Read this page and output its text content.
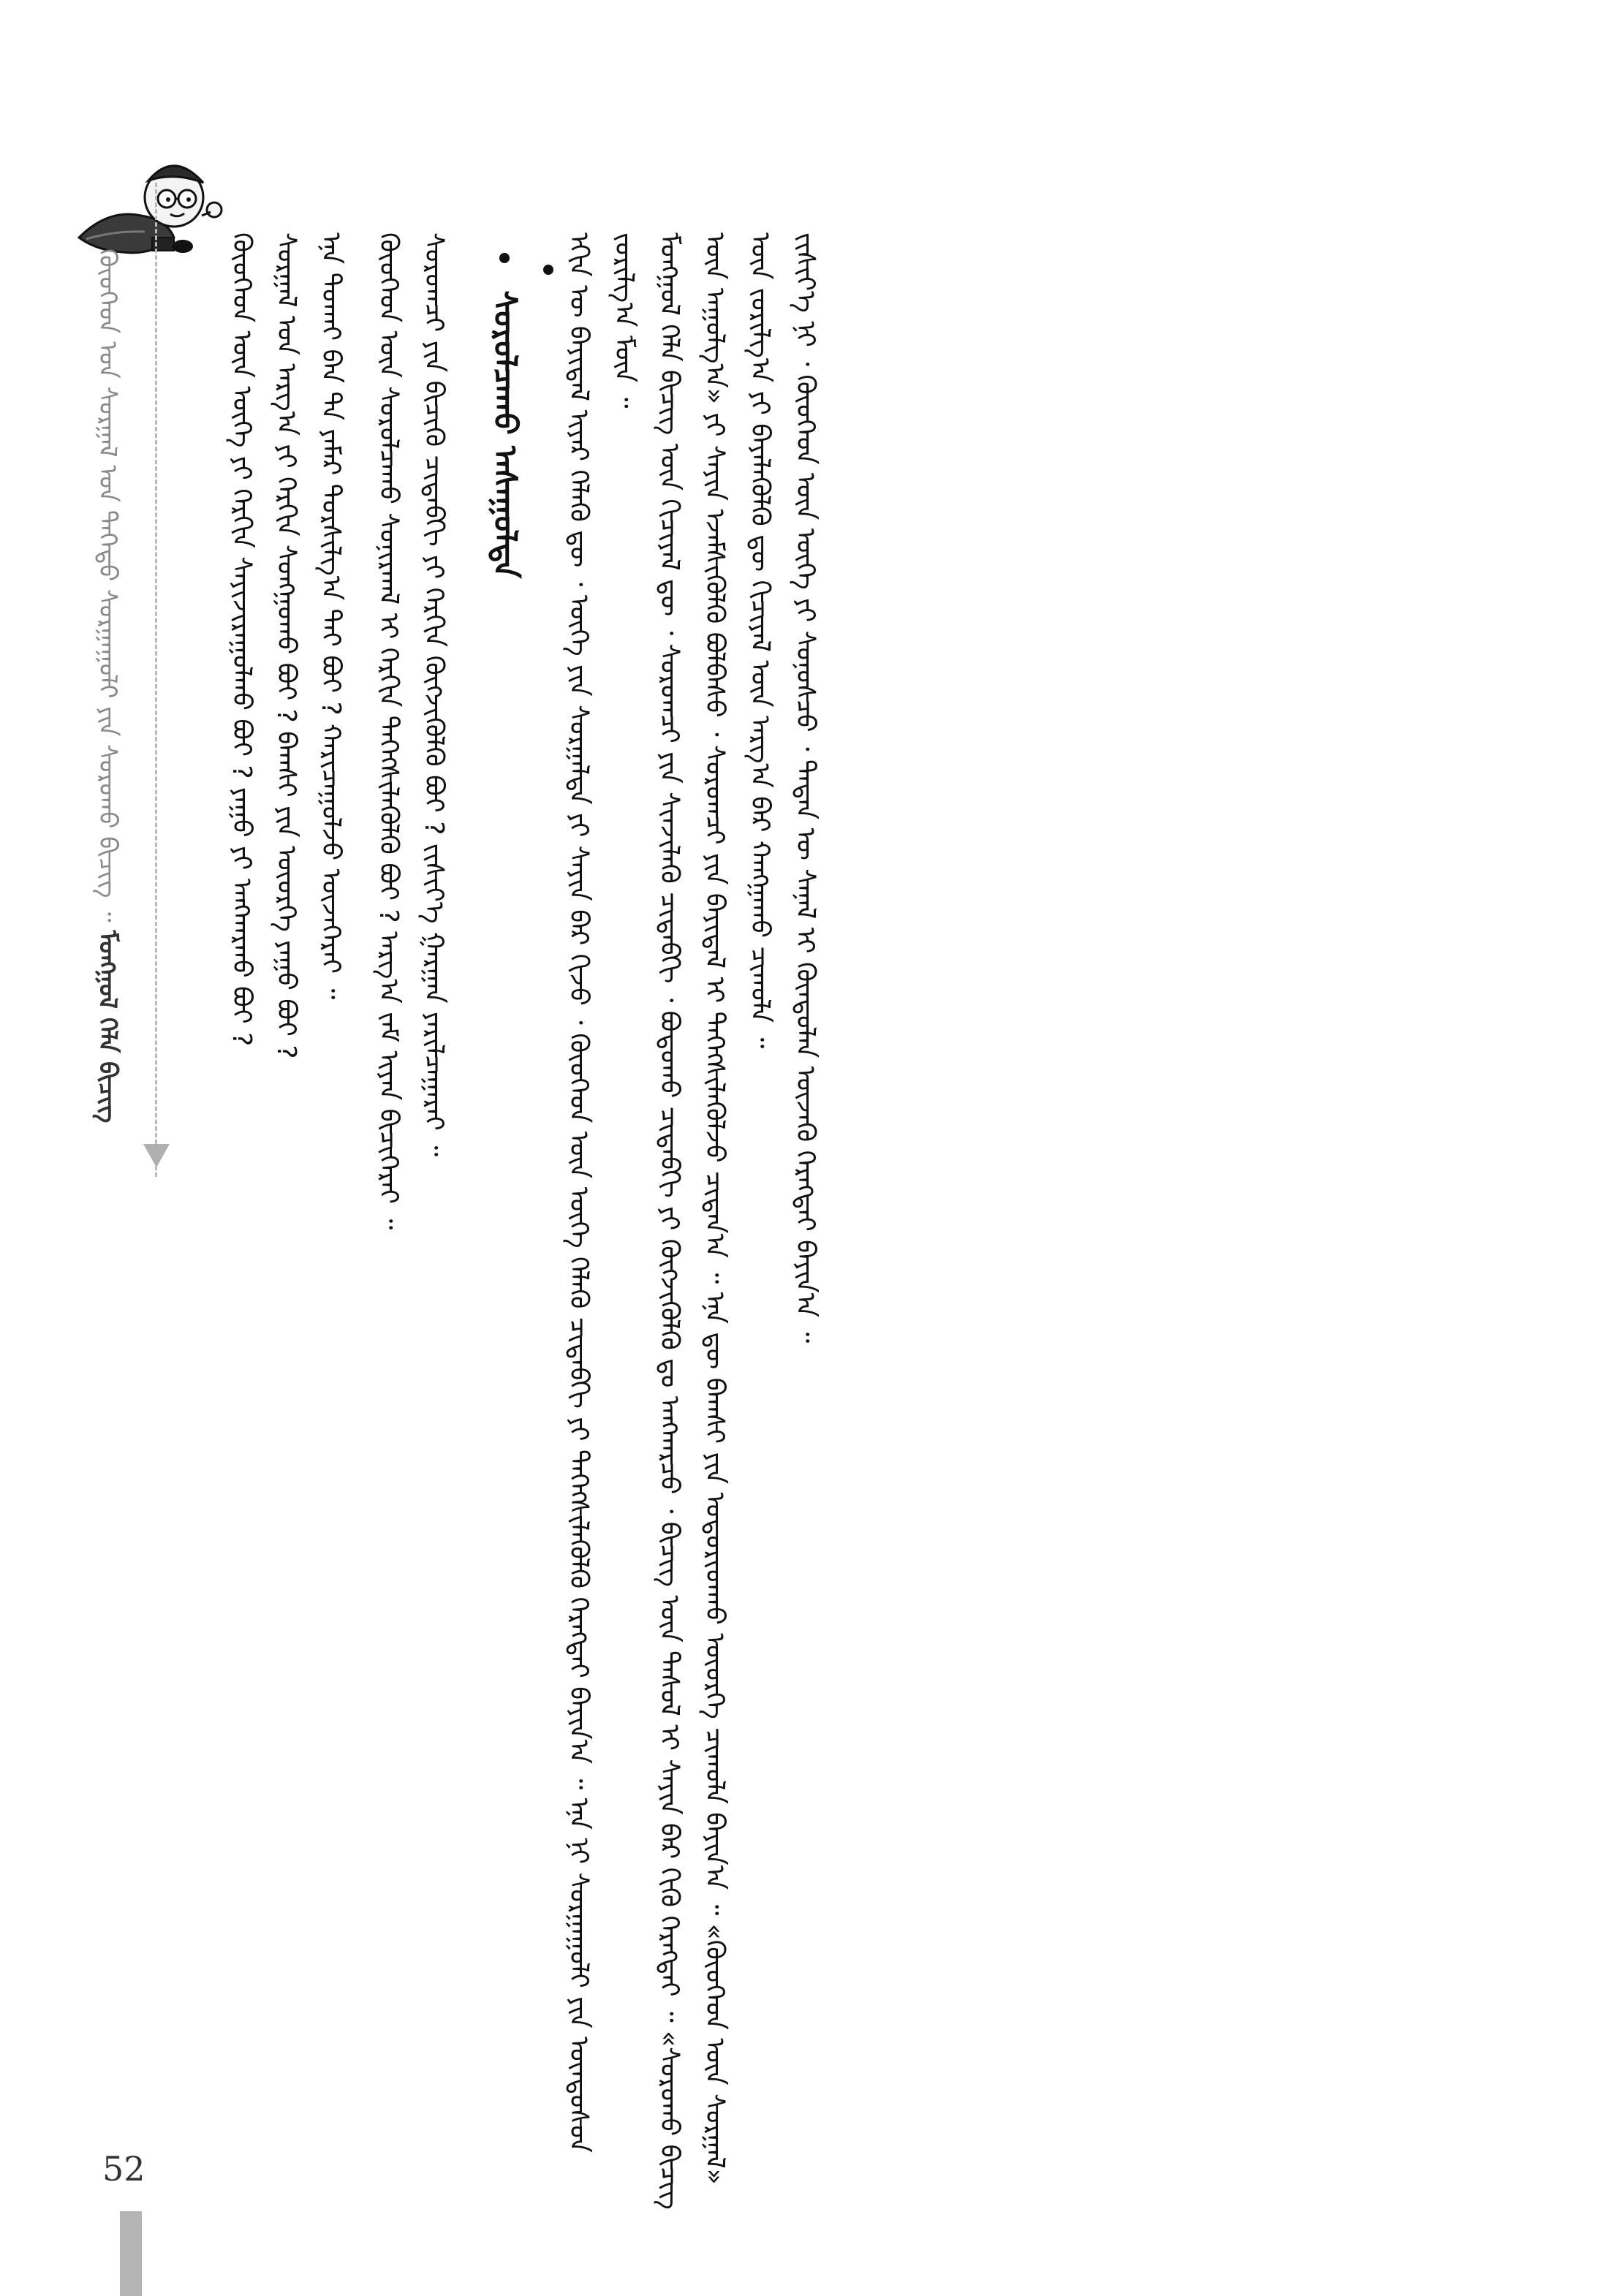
ᠬᠦᠦᠬᠡᠳ ᠤᠨ ᠰᠤᠷᠭᠠᠯ ᠤᠨ ᠳᠡᠭᠡᠳᠦ ᠰᠤᠷᠭᠠᠭᠤᠯᠢ ᠶᠢᠨ ᠰᠤᠷᠤᠬᠤ ᠪᠢᠴᠢᠭ ᠃ ᠮᠣᠩᠭᠣᠯ ᠬᠡᠯᠡ ᠪᠢᠴᠢᠭ	ᠬᠦᠦᠬᠡᠳ ᠦᠨ ᠦᠭᠡ ᠶᠢ ᠬᠡᠷᠬᠢᠨ ᠰᠠᠶᠢᠵᠢᠷᠠᠭᠤᠯᠬᠤ ᠪᠤᠢ ? ᠶᠠᠭᠤ ᠶᠢ ᠠᠩᠬᠠᠷᠬᠤ ᠪᠤᠢ ? ᠰᠤᠷᠭᠠᠯ ᠤᠨ ᠠᠷᠭ᠎ᠠ ᠶᠢ ᠬᠡᠷᠬᠢᠨ ᠰᠣᠩᠭᠣᠬᠤ ᠪᠤᠢ ? ᠪᠠᠭᠰᠢ ᠶᠢᠨ ᠦᠦᠷᠭᠡ ᠶᠠᠭᠤ ᠪᠤᠢ ? ᠡᠨᠡ ᠲᠤᠬᠠᠢ ᠪᠡᠨ ᠲᠠ ᠶᠠᠮᠠᠷ ᠲᠤᠷᠰᠢᠯᠭ᠎ᠠ ᠲᠠᠢ ᠪᠤᠢ ? ᠬᠠᠷᠢᠴᠠᠭᠤᠯᠵᠤ ᠦᠵᠡᠭᠡᠷᠡᠢ ᠃	ᠬᠦᠦᠬᠡᠳ ᠦᠨ ᠰᠤᠷᠤᠯᠴᠠᠬᠤ ᠰᠣᠨᠢᠷᠬᠠᠯ ᠢ ᠬᠡᠷᠬᠢᠨ ᠳᠡᠭᠡᠭᠰᠢᠯᠡᠭᠦᠯᠬᠦ ᠪᠤᠢ ? ᠠᠷᠭ᠎ᠠ ᠵᠠᠮ ᠢᠶᠠᠨ ᠪᠢᠴᠢᠭᠡᠷᠡᠢ ᠃ ᠰᠤᠷᠤᠭᠴᠢ ᠶᠢᠨ ᠪᠢᠴᠢᠬᠦ ᠴᠢᠳᠠᠪᠬᠢ ᠶᠢ ᠬᠡᠷᠬᠢᠨ ᠬᠥᠭᠵᠢᠭᠦᠯᠬᠦ ᠪᠤᠢ ? ᠵᠢᠱᠢᠶ᠎ᠡ ᠭᠠᠷᠭᠠᠨ ᠶᠠᠷᠢᠯᠴᠠᠭᠠᠷᠠᠢ ᠃ ᠰᠤᠷᠤᠯᠴᠠᠬᠤ ᠠᠰᠠᠭᠤᠯᠲᠠ	ᠡᠬᠢᠨ ᠦ ᠪᠠᠶᠢᠳᠠᠯ ᠢᠶᠠᠷ ᠬᠡᠯᠡᠬᠦ ᠳᠦ ᠂ ᠦᠭᠡ ᠶᠢᠨ ᠰᠤᠷᠭᠠᠯᠳᠠ ᠶᠢ ᠰᠠᠶᠢᠨ ᠪᠡᠷ ᠬᠢᠵᠦ ᠂ ᠬᠦᠦᠬᠡᠳ ᠦᠨ ᠦᠭᠡ ᠬᠡᠯᠡᠬᠦ ᠴᠢᠳᠠᠪᠬᠢ ᠶᠢ ᠳᠡᠭᠡᠭᠰᠢᠯᠡᠭᠦᠯᠬᠦ ᠬᠡᠷᠡᠭᠲᠡᠢ ᠪᠠᠶᠢᠨ᠎ᠠ ᠃ ᠡᠨᠡ ᠨᠢ ᠰᠤᠷᠭᠠᠭᠤᠯᠢ ᠶᠢᠨ ᠦᠨᠳᠦᠰᠦᠨ ᠵᠣᠷᠢᠯᠭ᠎ᠠ ᠮᠥᠨ ᠃ ᠮᠣᠩᠭᠣᠯ ᠬᠡᠯᠡ ᠪᠢᠴᠢᠭ ᠦᠨ ᠬᠢᠴᠢᠶᠡᠯ ᠳᠦ ᠂ ᠰᠤᠷᠤᠭᠴᠢ ᠶᠢᠨ ᠰᠢᠨᠵᠢᠯᠡᠬᠦ ᠴᠢᠳᠠᠪᠬᠢ ᠂ ᠪᠣᠳᠣᠬᠤ ᠴᠢᠳᠠᠪᠬᠢ ᠶᠢ ᠬᠥᠭᠵᠢᠭᠦᠯᠬᠦ ᠳᠤ ᠠᠩᠬᠠᠷᠴᠤ ᠂ ᠪᠢᠴᠢᠭ ᠦᠨ ᠳᠠᠰᠤᠯ ᠢ ᠰᠠᠶᠢᠨ ᠪᠡᠷ ᠬᠢᠬᠦ ᠬᠡᠷᠡᠭᠲᠡᠢ ᠃ «ᠰᠤᠷᠤᠬᠤ ᠪᠢᠴᠢᠭ ᠦᠨ ᠠᠭᠤᠯᠭ᠎ᠠ» ᠶᠢ ᠰᠠᠶᠢᠨ ᠡᠵᠡᠮᠰᠢᠭᠦᠯᠬᠦ ᠪᠣᠯᠪᠠᠰᠤ ᠂ ᠰᠤᠷᠤᠭᠴᠢ ᠶᠢᠨ ᠪᠠᠶᠢᠳᠠᠯ ᠢ ᠳᠡᠭᠡᠭᠰᠢᠯᠡᠭᠦᠯᠵᠦ ᠴᠢᠳᠠᠨ᠎ᠠ ᠃ ᠡᠨᠡ ᠳᠦ ᠪᠠᠭᠰᠢ ᠶᠢᠨ ᠤᠳᠤᠷᠢᠳᠬᠤ ᠦᠦᠷᠭᠡ ᠴᠢᠬᠤᠯᠠ ᠪᠠᠶᠢᠨ᠎ᠠ ᠃ «ᠬᠦᠦᠬᠡᠳ ᠦᠨ ᠰᠤᠷᠭᠠᠯ» ᠦᠨ ᠵᠣᠷᠢᠯᠭ᠎ᠠ ᠶᠢ ᠪᠡᠶᠡᠯᠡᠭᠦᠯᠬᠦ ᠳᠦ ᠬᠢᠴᠢᠶᠡᠯ ᠦᠨ ᠠᠷᠭ᠎ᠠ ᠪᠠᠷ ᠬᠠᠩᠭᠠᠬᠤ ᠴᠢᠬᠤᠯᠠ ᠃ ᠵᠢᠱᠢᠶ᠎ᠡ ᠨᠢ ᠂ ᠬᠦᠦᠬᠡᠳ ᠦᠨ ᠦᠭᠡ ᠶᠢ ᠰᠣᠨᠤᠰᠴᠤ ᠂ ᠲᠡᠳᠡᠨ ᠦ ᠰᠠᠨᠠᠯ ᠢ ᠬᠦᠨᠳᠦᠯᠡᠨ ᠦᠵᠡᠬᠦ ᠬᠡᠷᠡᠭᠲᠡᠢ ᠪᠠᠶᠢᠨ᠎ᠠ ᠃

52
